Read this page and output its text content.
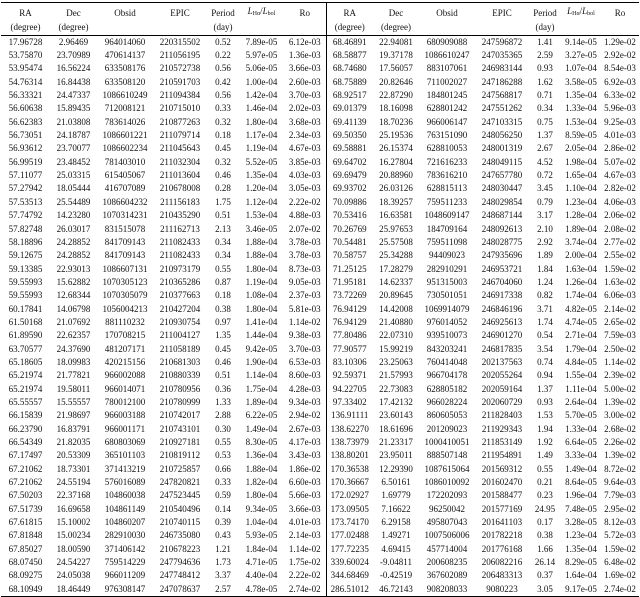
RA	Dec	Obsid	EPIC	Period	$L_{H\alpha}/L_{bol}$	Ro	RA	Dec	Obsid	EPIC	Period	$L_{H\alpha}/L_{bol}$	Ro
(degree)	(degree)			(day)			(degree)	(degree)			(day)		
17.96728	2.96469	964014060	220315502	0.52	7.89e-05	6.12e-03	68.46891	22.94081	680909088	247596872	1.41	9.14e-05	1.29e-02
53.75870	23.70989	470614137	211056195	0.22	5.97e-05	1.36e-03	68.58877	19.37178	1086610247	247035365	2.59	3.27e-05	2.92e-02
53.95474	16.56224	633508176	210572738	0.56	5.06e-05	3.66e-03	68.74680	17.56057	883107061	246983144	0.93	1.07e-04	8.54e-03
54.76314	16.84438	633508120	210591703	0.42	1.00e-04	2.60e-03	68.75889	20.82646	711002027	247186288	1.62	3.58e-05	6.92e-03
56.33321	24.47337	1086610249	211094384	0.56	1.42e-04	3.70e-03	68.92517	22.87290	184801245	247568817	0.71	1.35e-04	6.33e-02
56.60638	15.89435	712008121	210715010	0.33	1.46e-04	2.02e-03	69.01379	18.16098	628801242	247551262	0.34	1.33e-04	5.96e-03
56.62383	21.03808	783614026	210877263	0.32	1.80e-04	3.68e-03	69.41139	18.70236	966006147	247103315	0.75	1.53e-04	9.25e-03
56.73051	24.18787	1086601221	211079714	0.18	1.17e-04	2.34e-03	69.50350	25.19536	763151090	248056250	1.37	8.59e-05	4.01e-03
56.93612	23.70077	1086602234	211045643	0.45	1.19e-04	4.67e-03	69.58881	26.15374	628810053	248001319	2.67	2.05e-04	2.86e-02
56.99519	23.48452	781403010	211032304	0.32	5.52e-05	3.85e-03	69.64702	16.27804	721616233	248049115	4.52	1.98e-04	5.07e-02
57.11077	25.03315	615405067	211013604	0.46	1.35e-04	4.03e-03	69.69479	20.88960	783616210	247657780	0.72	1.65e-04	4.67e-03
57.27942	18.05444	416707089	210678008	0.28	1.20e-04	3.05e-03	69.93702	26.03126	628815113	248030447	3.45	1.10e-04	2.82e-02
57.53513	25.54489	1086604232	211156183	1.75	1.12e-04	2.22e-02	70.09886	18.39257	759511233	248029854	0.79	1.23e-04	4.06e-03
57.74792	14.23280	1070314231	210435290	0.51	1.53e-04	4.88e-03	70.53416	16.63581	1048609147	248687144	3.17	1.28e-04	2.06e-02
57.82748	26.03017	831515078	211162713	2.13	3.46e-05	2.07e-02	70.26769	25.97653	184709164	248092613	2.10	1.89e-04	2.08e-02
58.18896	24.28852	841709143	211082433	0.34	1.88e-04	3.78e-03	70.54481	25.57508	759511098	248028775	2.92	3.74e-04	2.77e-02
59.12675	24.28852	841709143	211082433	0.34	1.88e-04	3.78e-03	70.58757	25.34288	94409023	247935696	1.89	2.00e-04	2.55e-02
59.13385	22.93013	1086607131	210973179	0.55	1.80e-04	8.73e-03	71.25125	17.28279	282910291	246953721	1.84	1.63e-04	1.59e-02
59.55993	15.62882	1070305123	210365286	0.87	1.19e-04	9.05e-03	71.95181	14.62337	951315003	246704060	1.24	1.26e-04	1.63e-02
59.55993	12.68344	1070305079	210377663	0.18	1.08e-04	2.37e-03	73.72269	20.89645	730501051	246917338	0.82	1.74e-04	6.06e-03
60.17841	14.06798	1056004213	210427204	0.38	1.80e-04	5.81e-03	76.94129	14.42008	1069914079	246846196	3.71	4.82e-05	2.14e-02
61.50168	21.07692	881110232	210930754	0.97	1.41e-04	1.14e-02	76.94129	21.40880	976014052	246925613	1.74	4.74e-05	2.65e-02
61.89590	22.62357	170708215	211004127	1.35	1.44e-04	9.38e-03	77.80486	22.07310	939510073	246901270	0.54	2.71e-04	7.59e-03
63.70577	24.37690	481207171	211058189	0.45	9.42e-05	3.70e-03	77.90577	15.99219	843203241	246817835	3.54	1.79e-04	2.50e-02
65.18605	18.09983	420215156	210681303	0.46	1.90e-04	6.53e-03	83.10306	23.25063	760414048	202137563	0.74	4.84e-05	1.14e-02
65.21974	21.77821	966002088	210880339	0.51	1.14e-04	8.60e-03	92.59371	21.57993	966704178	202055264	0.94	1.55e-04	2.39e-02
65.21974	19.58011	966014071	210780956	0.36	1.75e-04	4.28e-03	94.22705	22.73083	628805182	202059164	1.37	1.11e-04	5.00e-02
65.55557	15.55557	780012100	210780999	1.33	1.89e-04	9.34e-03	97.33402	17.42132	966028224	202060729	0.93	2.64e-04	1.39e-02
66.15839	21.98697	966003188	210742017	2.88	6.22e-05	2.94e-02	136.91111	23.60143	860605053	211828403	1.53	5.70e-05	3.00e-02
66.23790	16.83791	966001171	210743101	0.30	1.49e-04	2.67e-03	138.62270	18.61696	201209023	211929343	1.94	1.33e-04	2.68e-02
66.54349	21.82035	680803069	210927181	0.55	8.30e-05	4.17e-03	138.73979	21.23317	1000410051	211853149	1.92	6.64e-05	2.26e-02
67.17497	20.53309	365101103	210819112	0.53	1.36e-04	3.43e-03	138.80201	23.95011	888507148	211954891	1.49	3.33e-04	1.39e-02
67.21062	18.73301	371413219	210725857	0.66	1.88e-04	1.86e-02	170.36538	12.29390	1087615064	201569312	0.55	1.49e-04	8.72e-02
67.21062	24.55194	576016089	247820821	0.33	1.82e-04	6.60e-03	170.36667	6.50161	1086010092	201602470	0.21	8.64e-05	9.64e-03
67.50203	22.37168	104860038	247523445	0.59	1.80e-04	5.66e-03	172.02927	1.69779	172202093	201588477	0.23	1.96e-04	7.79e-03
67.51739	16.69658	104861149	210540496	0.14	9.34e-05	3.66e-03	173.09505	7.16622	96250042	201577169	24.95	7.48e-05	2.95e-02
67.61815	15.10002	104860207	210740115	0.39	1.04e-04	4.01e-03	173.74170	6.29158	495807043	201641103	0.17	3.28e-05	8.12e-03
67.81848	15.00234	282910030	246735080	0.43	5.93e-05	2.14e-03	177.02488	1.49271	1007506006	201782218	0.38	1.23e-04	5.72e-03
67.85027	18.00590	371406142	210678223	1.21	1.84e-04	1.14e-02	177.72235	4.69415	457714004	201776168	1.66	1.35e-04	1.59e-02
68.07450	24.54227	759514229	247794636	1.73	4.71e-05	1.75e-02	339.60024	-9.04811	200608235	206082216	26.14	8.29e-05	6.48e-02
68.09275	24.05038	966011209	247748412	3.37	4.40e-04	2.22e-02	344.68469	-0.42519	367602089	206483313	0.37	1.64e-04	1.69e-02
68.10949	18.46449	976308147	247078637	2.57	4.78e-05	2.74e-02	286.51012	46.72143	908208033	9080223	3.05	9.17e-05	2.74e-02
